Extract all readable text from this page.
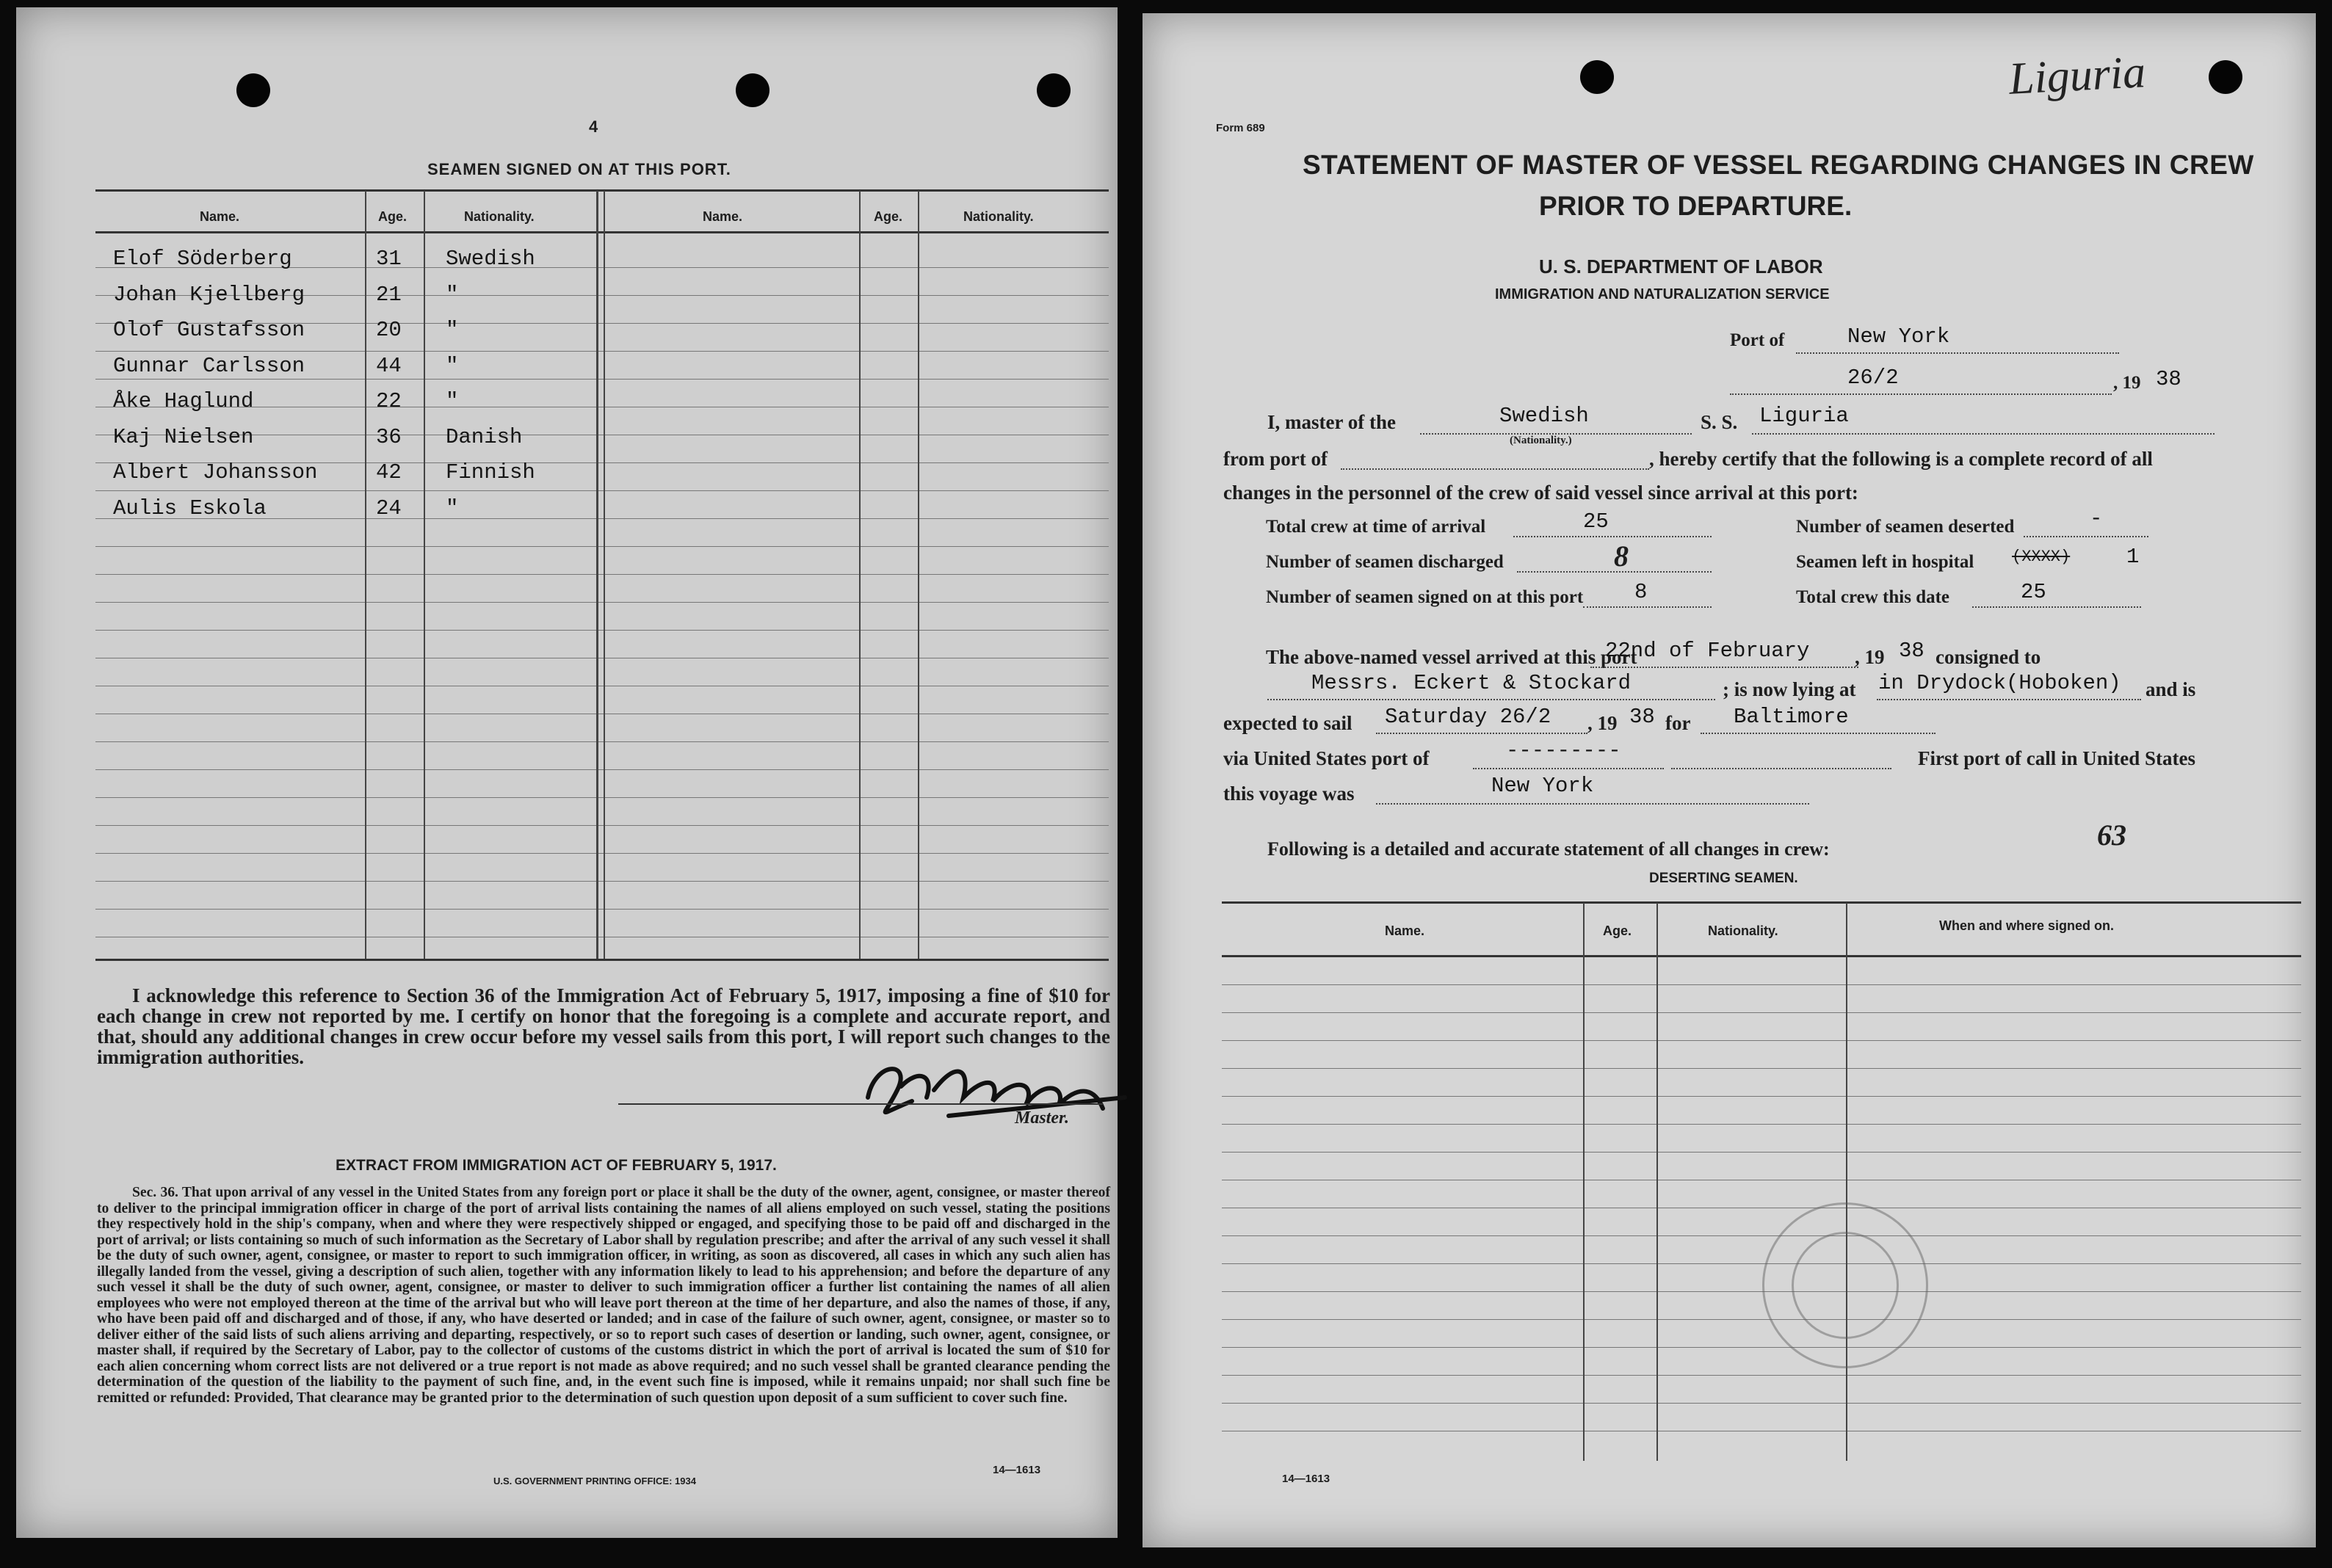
4
SEAMEN SIGNED ON AT THIS PORT.
Name.	Age.	Nationality.	Name.	Age.	Nationality.
Elof Söderberg	31 Swedish
Johan Kjellberg	21 "
Olof Gustafsson	20 "
Gunnar Carlsson	44 "
Åke Haglund	22 "
Kaj Nielsen	36 Danish
Albert Johansson	42 Finnish
Aulis Eskola	24 "
I acknowledge this reference to Section 36 of the Immigration Act of February 5, 1917, imposing a fine of $10 for each change in crew not reported by me. I certify on honor that the foregoing is a complete and accurate report, and that, should any additional changes in crew occur before my vessel sails from this port, I will report such changes to the immigration authorities.
Master.
EXTRACT FROM IMMIGRATION ACT OF FEBRUARY 5, 1917.
Sec. 36. That upon arrival of any vessel in the United States from any foreign port or place it shall be the duty of the owner, agent, consignee, or master thereof to deliver to the principal immigration officer in charge of the port of arrival lists containing the names of all aliens employed on such vessel, stating the positions they respectively hold in the ship's company, when and where they were respectively shipped or engaged, and specifying those to be paid off and discharged in the port of arrival; or lists containing so much of such information as the Secretary of Labor shall by regulation prescribe; and after the arrival of any such vessel it shall be the duty of such owner, agent, consignee, or master to report to such immigration officer, in writing, as soon as discovered, all cases in which any such alien has illegally landed from the vessel, giving a description of such alien, together with any information likely to lead to his apprehension; and before the departure of any such vessel it shall be the duty of such owner, agent, consignee, or master to deliver to such immigration officer a further list containing the names of all alien employees who were not employed thereon at the time of the arrival but who will leave port thereon at the time of her departure, and also the names of those, if any, who have been paid off and discharged and of those, if any, who have deserted or landed; and in case of the failure of such owner, agent, consignee, or master so to deliver either of the said lists of such aliens arriving and departing, respectively, or so to report such cases of desertion or landing, such owner, agent, consignee, or master shall, if required by the Secretary of Labor, pay to the collector of customs of the customs district in which the port of arrival is located the sum of $10 for each alien concerning whom correct lists are not delivered or a true report is not made as above required; and no such vessel shall be granted clearance pending the determination of the question of the liability to the payment of such fine, and, in the event such fine is imposed, while it remains unpaid; nor shall such fine be remitted or refunded: Provided, That clearance may be granted prior to the determination of such question upon deposit of a sum sufficient to cover such fine.
U.S. GOVERNMENT PRINTING OFFICE: 1934
14—1613
Liguria
Form 689
STATEMENT OF MASTER OF VESSEL REGARDING CHANGES IN CREW
PRIOR TO DEPARTURE.
U. S. DEPARTMENT OF LABOR
IMMIGRATION AND NATURALIZATION SERVICE
Port of	New York
26/2	, 19 38
I, master of the	Swedish
(Nationality.)
S. S. Liguria
from port of	, hereby certify that the following is a complete record of all
changes in the personnel of the crew of said vessel since arrival at this port:
Total crew at time of arrival	25	Number of seamen deserted	-
Number of seamen discharged	8	Seamen left in hospital (XXXX)	1
Number of seamen signed on at this port 8	Total crew this date	25
The above-named vessel arrived at this port
22nd of February , 19 38 consigned to
Messrs. Eckert & Stockard	; is now lying at in Drydock(Hoboken) and is
expected to sail Saturday 26/2 , 19 38 for Baltimore
via United States port of	---------	First port of call in United States
this voyage was	New York
63
Following is a detailed and accurate statement of all changes in crew:
DESERTING SEAMEN.
Name.	Age.	Nationality.	When and where signed on.
14—1613
